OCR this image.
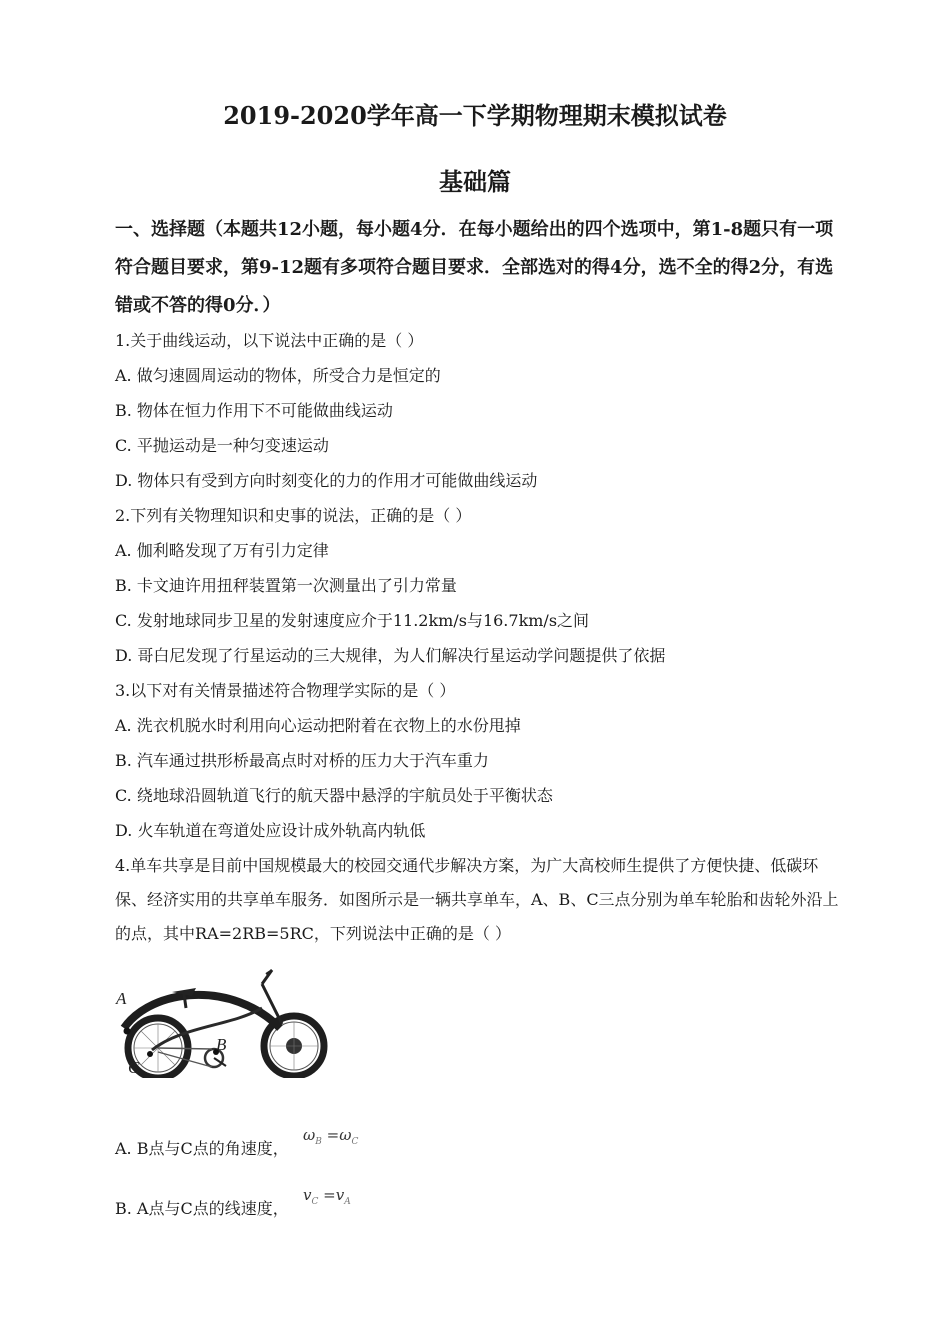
2019-2020学年高一下学期物理期末模拟试卷
基础篇

一、选择题（本题共12小题，每小题4分．在每小题给出的四个选项中，第1-8题只有一项符合题目要求，第9-12题有多项符合题目要求．全部选对的得4分，选不全的得2分，有选错或不答的得0分．）

1.关于曲线运动，以下说法中正确的是（ ）
A. 做匀速圆周运动的物体，所受合力是恒定的
B. 物体在恒力作用下不可能做曲线运动
C. 平抛运动是一种匀变速运动
D. 物体只有受到方向时刻变化的力的作用才可能做曲线运动
2.下列有关物理知识和史事的说法，正确的是（ ）
A. 伽利略发现了万有引力定律
B. 卡文迪许用扭秤装置第一次测量出了引力常量
C. 发射地球同步卫星的发射速度应介于11.2km/s与16.7km/s之间
D. 哥白尼发现了行星运动的三大规律，为人们解决行星运动学问题提供了依据
3.以下对有关情景描述符合物理学实际的是（ ）
A. 洗衣机脱水时利用向心运动把附着在衣物上的水份甩掉
B. 汽车通过拱形桥最高点时对桥的压力大于汽车重力
C. 绕地球沿圆轨道飞行的航天器中悬浮的宇航员处于平衡状态
D. 火车轨道在弯道处应设计成外轨高内轨低

4.单车共享是目前中国规模最大的校园交通代步解决方案，为广大高校师生提供了方便快捷、低碳环保、经济实用的共享单车服务．如图所示是一辆共享单车，A、B、C三点分别为单车轮胎和齿轮外沿上的点，其中RA=2RB=5RC，下列说法中正确的是（ ）

A
B
C
A. B点与C点的角速度，
$\omega_B =\omega_C$
B. A点与C点的线速度，
$v_C =v_A$
